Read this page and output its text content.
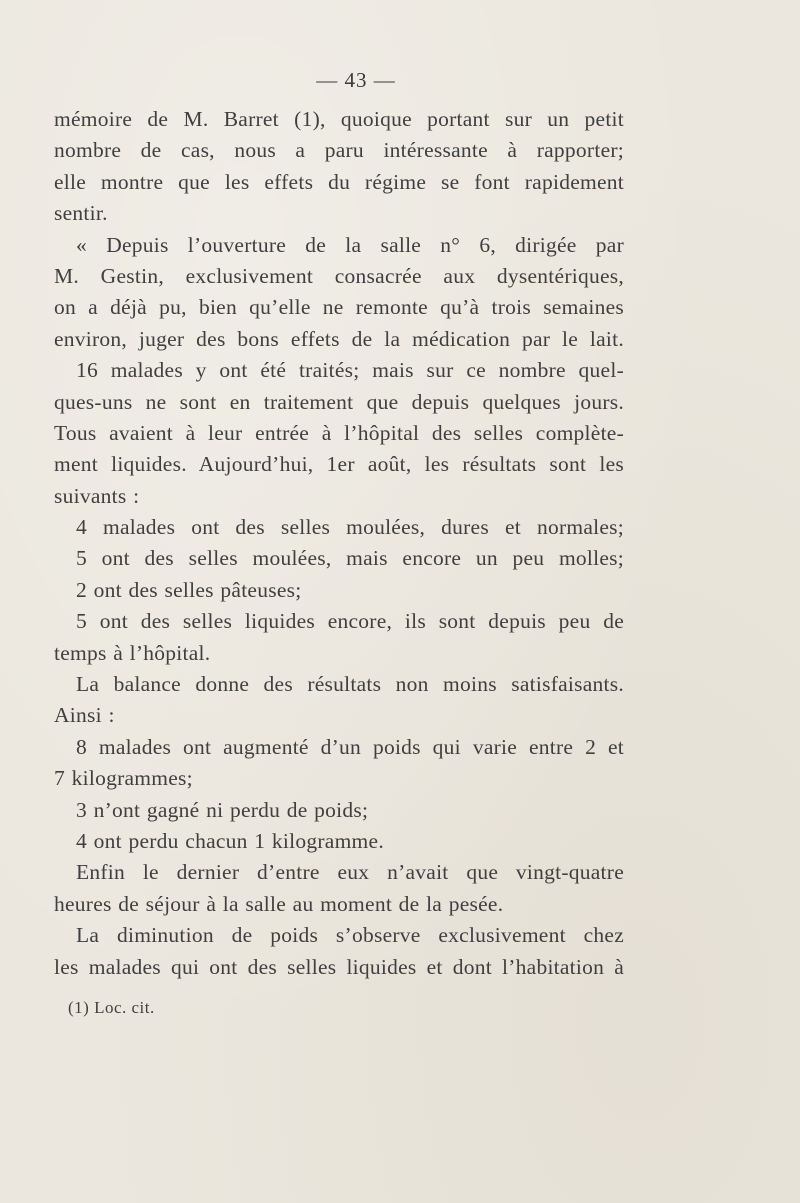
— 43 —
mémoire de M. Barret (1), quoique portant sur un petit
nombre de cas, nous a paru intéressante à rapporter;
elle montre que les effets du régime se font rapidement
sentir.
« Depuis l’ouverture de la salle n° 6, dirigée par
M. Gestin, exclusivement consacrée aux dysentériques,
on a déjà pu, bien qu’elle ne remonte qu’à trois semaines
environ, juger des bons effets de la médication par le lait.
16 malades y ont été traités; mais sur ce nombre quel-
ques-uns ne sont en traitement que depuis quelques jours.
Tous avaient à leur entrée à l’hôpital des selles complète-
ment liquides. Aujourd’hui, 1er août, les résultats sont les
suivants :
4 malades ont des selles moulées, dures et normales;
5 ont des selles moulées, mais encore un peu molles;
2 ont des selles pâteuses;
5 ont des selles liquides encore, ils sont depuis peu de
temps à l’hôpital.
La balance donne des résultats non moins satisfaisants.
Ainsi :
8 malades ont augmenté d’un poids qui varie entre 2 et
7 kilogrammes;
3 n’ont gagné ni perdu de poids;
4 ont perdu chacun 1 kilogramme.
Enfin le dernier d’entre eux n’avait que vingt-quatre
heures de séjour à la salle au moment de la pesée.
La diminution de poids s’observe exclusivement chez
les malades qui ont des selles liquides et dont l’habitation à
(1) Loc. cit.
